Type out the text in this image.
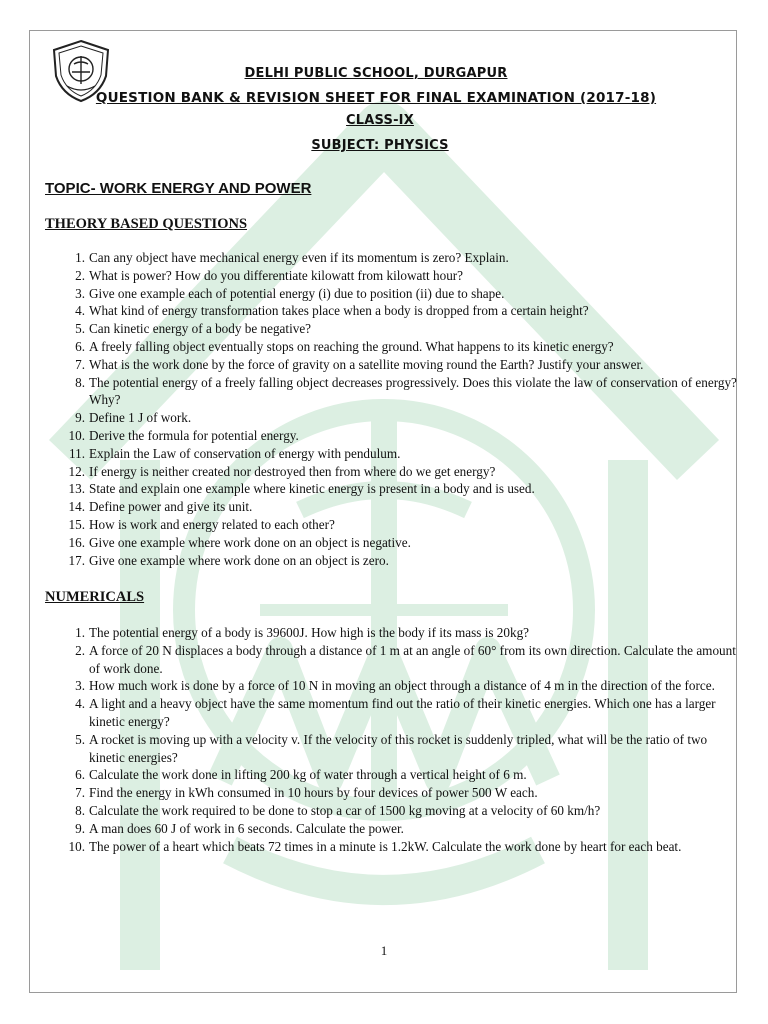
DELHI PUBLIC SCHOOL, DURGAPUR
QUESTION BANK & REVISION SHEET FOR FINAL EXAMINATION (2017-18)
CLASS-IX
SUBJECT: PHYSICS
TOPIC- WORK ENERGY AND POWER
THEORY BASED QUESTIONS
1. Can any object have mechanical energy even if its momentum is zero? Explain.
2. What is power? How do you differentiate kilowatt from kilowatt hour?
3. Give one example each of potential energy (i) due to position (ii) due to shape.
4. What kind of energy transformation takes place when a body is dropped from a certain height?
5. Can kinetic energy of a body be negative?
6. A freely falling object eventually stops on reaching the ground. What happens to its kinetic energy?
7. What is the work done by the force of gravity on a satellite moving round the Earth? Justify your answer.
8. The potential energy of a freely falling object decreases progressively. Does this violate the law of conservation of energy? Why?
9. Define 1 J of work.
10. Derive the formula for potential energy.
11. Explain the Law of conservation of energy with pendulum.
12. If energy is neither created nor destroyed then from where do we get energy?
13. State and explain one example where kinetic energy is present in a body and is used.
14. Define power and give its unit.
15. How is work and energy related to each other?
16. Give one example where work done on an object is negative.
17. Give one example where work done on an object is zero.
NUMERICALS
1. The potential energy of a body is 39600J. How high is the body if its mass is 20kg?
2. A force of 20 N displaces a body through a distance of 1 m at an angle of 60° from its own direction. Calculate the amount of work done.
3. How much work is done by a force of 10 N in moving an object through a distance of 4 m in the direction of the force.
4. A light and a heavy object have the same momentum find out the ratio of their kinetic energies. Which one has a larger kinetic energy?
5. A rocket is moving up with a velocity v. If the velocity of this rocket is suddenly tripled, what will be the ratio of two kinetic energies?
6. Calculate the work done in lifting 200 kg of water through a vertical height of 6 m.
7. Find the energy in kWh consumed in 10 hours by four devices of power 500 W each.
8. Calculate the work required to be done to stop a car of 1500 kg moving at a velocity of 60 km/h?
9. A man does 60 J of work in 6 seconds. Calculate the power.
10. The power of a heart which beats 72 times in a minute is 1.2kW. Calculate the work done by heart for each beat.
1
